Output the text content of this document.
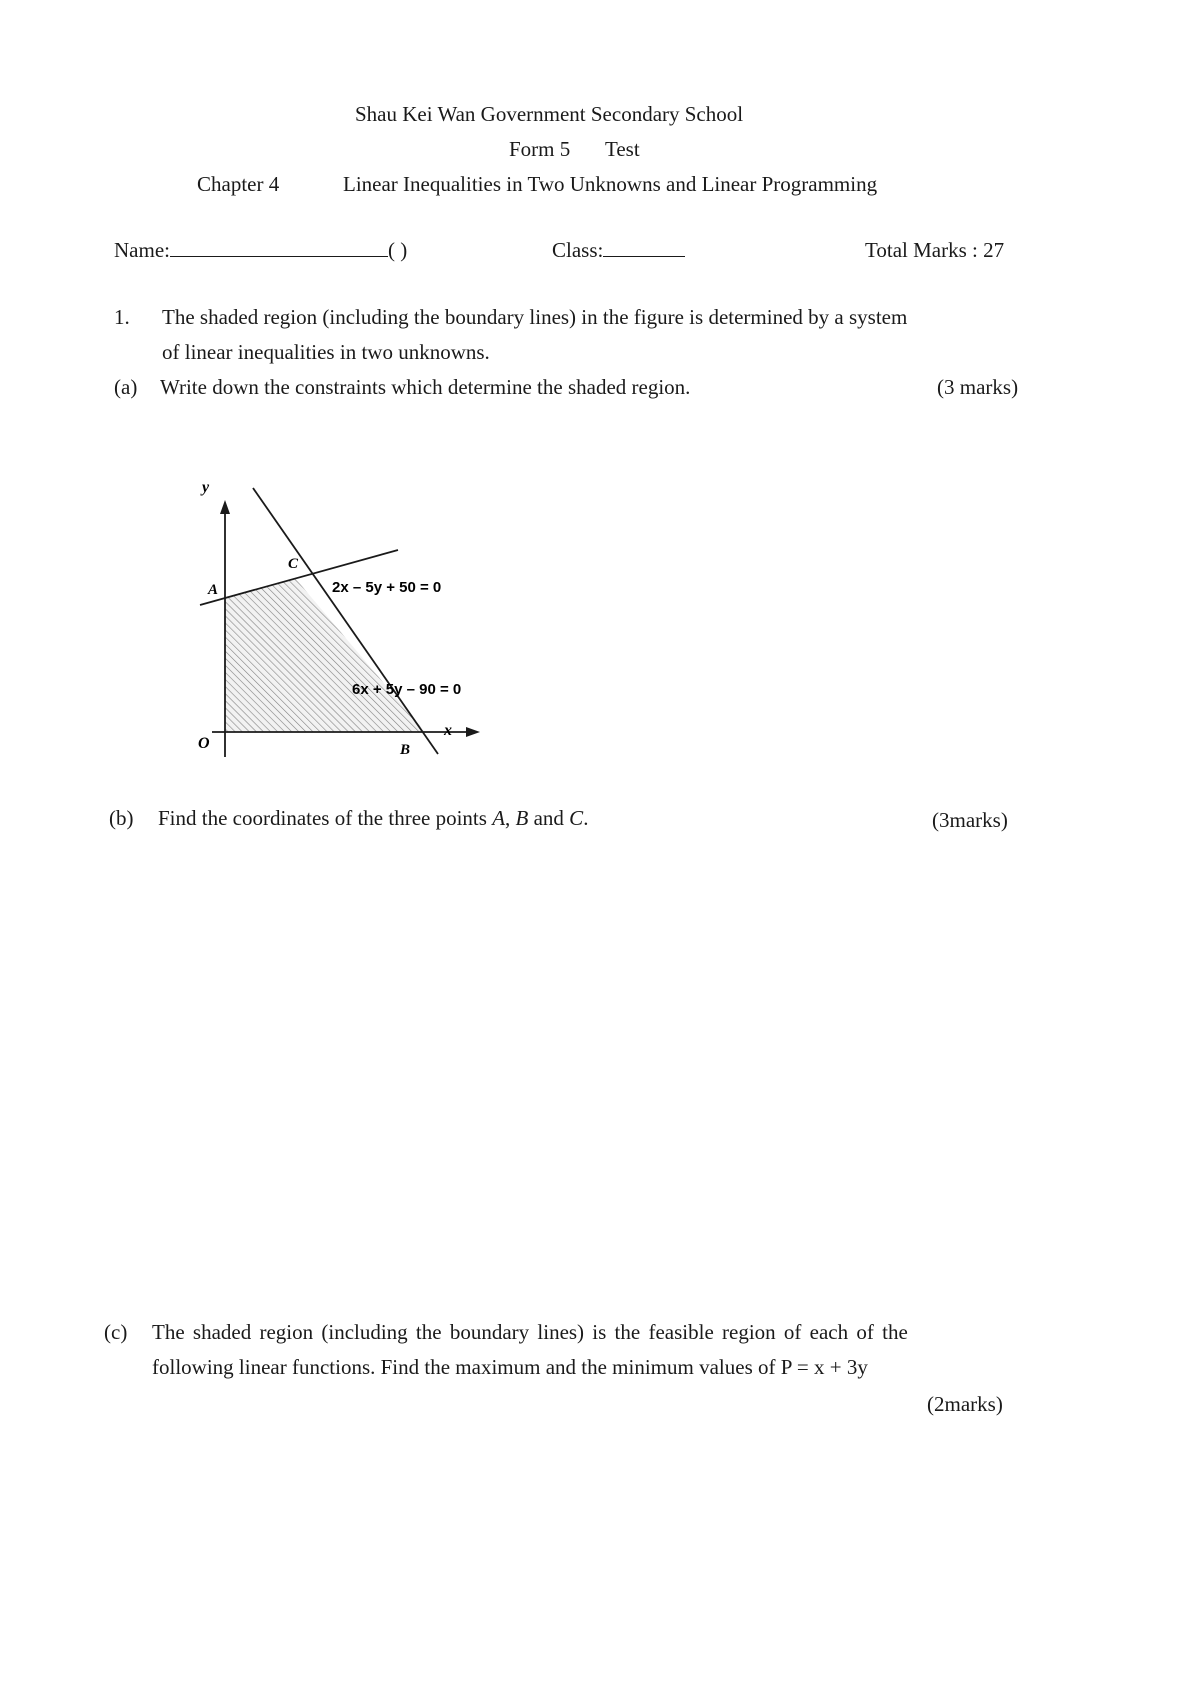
Shau Kei Wan Government Secondary School
Form 5 Test
Chapter 4	Linear Inequalities in Two Unknowns and Linear Programming
Name:	( )	Class:	Total Marks : 27
1. The shaded region (including the boundary lines) in the figure is determined by a system
of linear inequalities in two unknowns.
(a) Write down the constraints which determine the shaded region.	(3 marks)
y
x
O
A
C
B
2x – 5y + 50 = 0
6x + 5y – 90 = 0
(b) Find the coordinates of the three points A, B and C.	(3marks)
(c) The shaded region (including the boundary lines) is the feasible region of each of the
following linear functions. Find the maximum and the minimum values of P = x + 3y
(2marks)
